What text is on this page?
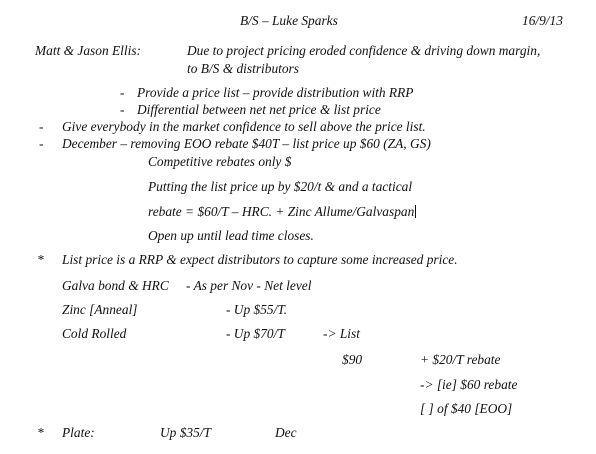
B/S – Luke Sparks	16/9/13
Matt & Jason Ellis:	Due to project pricing eroded confidence & driving down margin,
to B/S & distributors
- Provide a price list – provide distribution with RRP
- Differential between net net price & list price
- Give everybody in the market confidence to sell above the price list.
- December – removing EOO rebate $40T – list price up $60 (ZA, GS)
Competitive rebates only $
Putting the list price up by $20/t & and a tactical
rebate = $60/T – HRC. + Zinc Allume/Galvaspan
Open up until lead time closes.
* List price is a RRP & expect distributors to capture some increased price.
Galva bond & HRC - As per Nov - Net level
Zinc [Anneal]	- Up $55/T.
Cold Rolled	- Up $70/T	-> List
$90	+ $20/T rebate
-> [ie] $60 rebate
[ ] of $40 [EOO]
* Plate:	Up $35/T	Dec
